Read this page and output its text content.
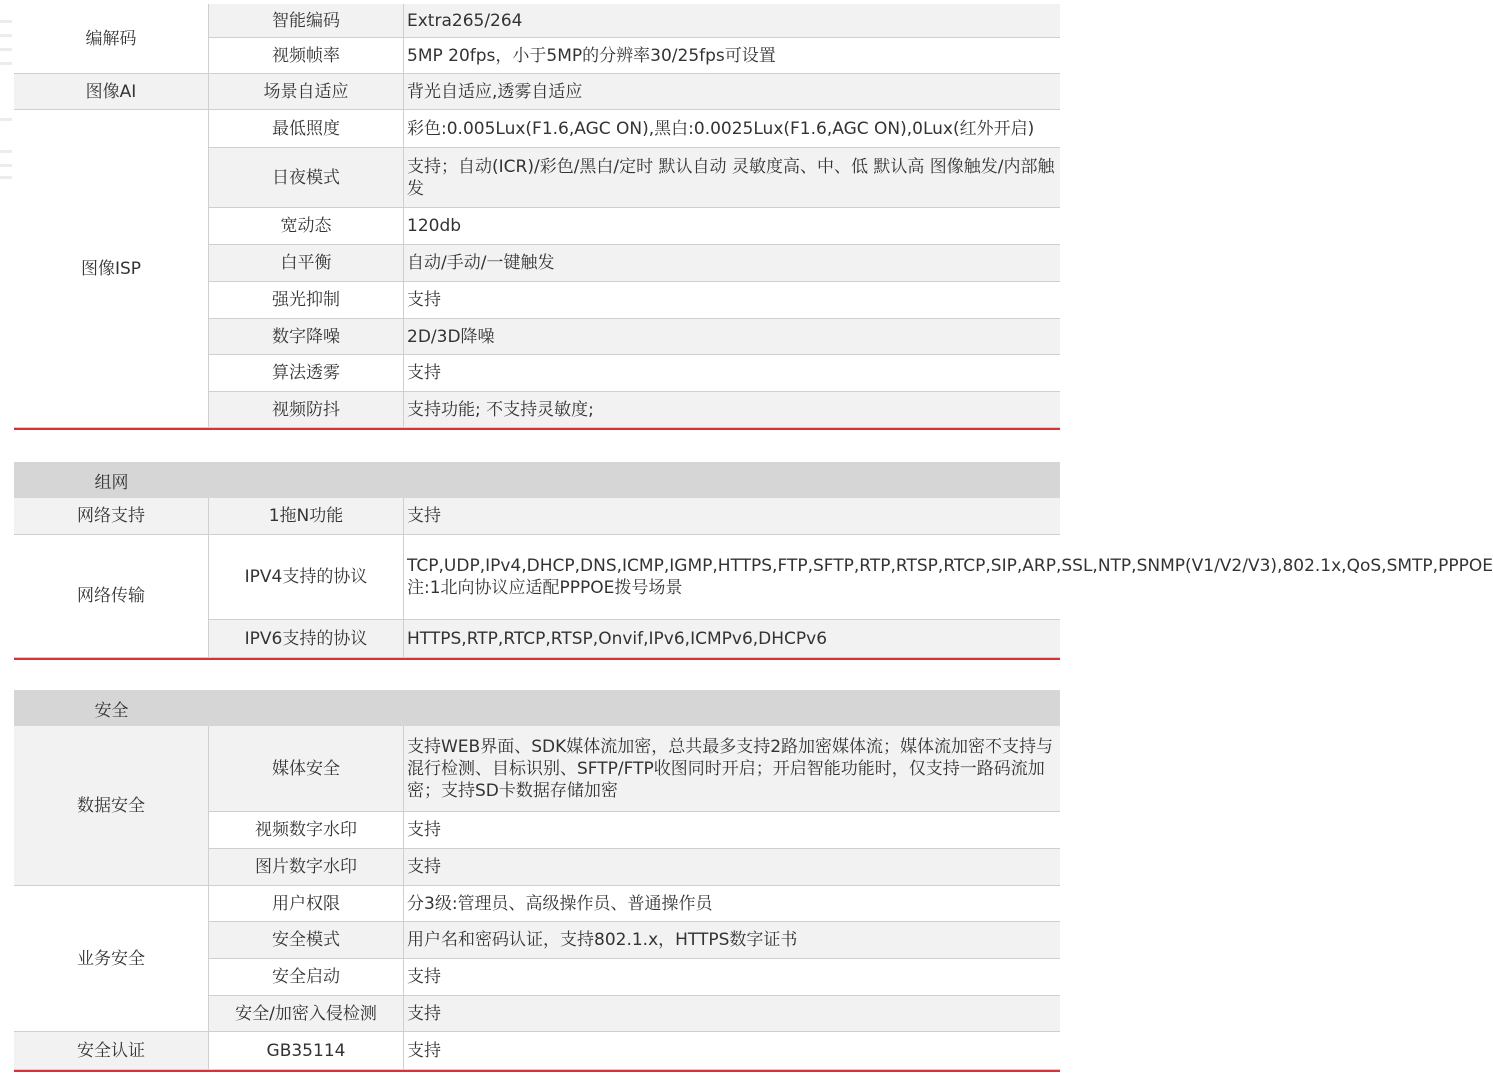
编解码
图像AI
图像ISP
智能编码
视频帧率
场景自适应
最低照度
日夜模式
宽动态
白平衡
强光抑制
数字降噪
算法透雾
视频防抖
Extra265/264
5MP 20fps，小于5MP的分辨率30/25fps可设置
背光自适应,透雾自适应
彩色:0.005Lux(F1.6,AGC ON),黑白:0.0025Lux(F1.6,AGC ON),0Lux(红外开启)
支持；自动(ICR)/彩色/黑白/定时 默认自动 灵敏度高、中、低 默认高 图像触发/内部触发
120db
自动/手动/一键触发
支持
2D/3D降噪
支持
支持功能; 不支持灵敏度;
组网
网络支持
网络传输
1拖N功能
IPV4支持的协议
IPV6支持的协议
支持
TCP,UDP,IPv4,DHCP,DNS,ICMP,IGMP,HTTPS,FTP,SFTP,RTP,RTSP,RTCP,SIP,ARP,SSL,NTP,SNMP(V1/V2/V3),802.1x,QoS,SMTP,PPPOE 注:1北向协议应适配PPPOE拨号场景
HTTPS,RTP,RTCP,RTSP,Onvif,IPv6,ICMPv6,DHCPv6
安全
数据安全
业务安全
安全认证
媒体安全
视频数字水印
图片数字水印
用户权限
安全模式
安全启动
安全/加密入侵检测
GB35114
支持WEB界面、SDK媒体流加密，总共最多支持2路加密媒体流；媒体流加密不支持与混行检测、目标识别、SFTP/FTP收图同时开启；开启智能功能时，仅支持一路码流加密；支持SD卡数据存储加密
支持
支持
分3级:管理员、高级操作员、普通操作员
用户名和密码认证，支持802.1.x，HTTPS数字证书
支持
支持
支持
